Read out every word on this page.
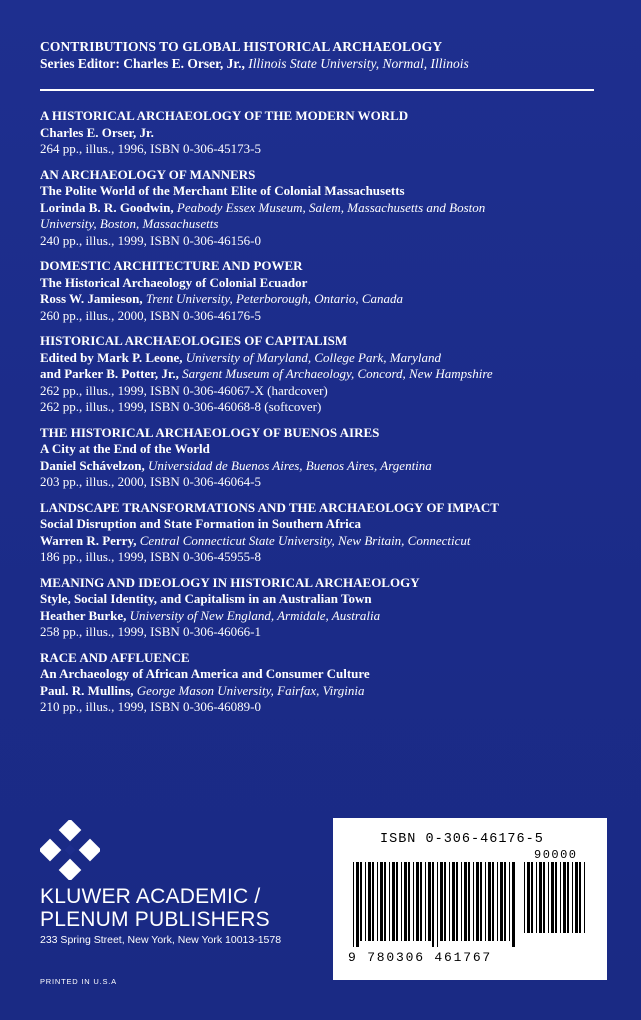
CONTRIBUTIONS TO GLOBAL HISTORICAL ARCHAEOLOGY
Series Editor: Charles E. Orser, Jr., Illinois State University, Normal, Illinois
A HISTORICAL ARCHAEOLOGY OF THE MODERN WORLD
Charles E. Orser, Jr.
264 pp., illus., 1996, ISBN 0-306-45173-5
AN ARCHAEOLOGY OF MANNERS
The Polite World of the Merchant Elite of Colonial Massachusetts
Lorinda B. R. Goodwin, Peabody Essex Museum, Salem, Massachusetts and Boston
University, Boston, Massachusetts
240 pp., illus., 1999, ISBN 0-306-46156-0
DOMESTIC ARCHITECTURE AND POWER
The Historical Archaeology of Colonial Ecuador
Ross W. Jamieson, Trent University, Peterborough, Ontario, Canada
260 pp., illus., 2000, ISBN 0-306-46176-5
HISTORICAL ARCHAEOLOGIES OF CAPITALISM
Edited by Mark P. Leone, University of Maryland, College Park, Maryland
and Parker B. Potter, Jr., Sargent Museum of Archaeology, Concord, New Hampshire
262 pp., illus., 1999, ISBN 0-306-46067-X (hardcover)
262 pp., illus., 1999, ISBN 0-306-46068-8 (softcover)
THE HISTORICAL ARCHAEOLOGY OF BUENOS AIRES
A City at the End of the World
Daniel Schávelzon, Universidad de Buenos Aires, Buenos Aires, Argentina
203 pp., illus., 2000, ISBN 0-306-46064-5
LANDSCAPE TRANSFORMATIONS AND THE ARCHAEOLOGY OF IMPACT
Social Disruption and State Formation in Southern Africa
Warren R. Perry, Central Connecticut State University, New Britain, Connecticut
186 pp., illus., 1999, ISBN 0-306-45955-8
MEANING AND IDEOLOGY IN HISTORICAL ARCHAEOLOGY
Style, Social Identity, and Capitalism in an Australian Town
Heather Burke, University of New England, Armidale, Australia
258 pp., illus., 1999, ISBN 0-306-46066-1
RACE AND AFFLUENCE
An Archaeology of African America and Consumer Culture
Paul. R. Mullins, George Mason University, Fairfax, Virginia
210 pp., illus., 1999, ISBN 0-306-46089-0
KLUWER ACADEMIC /
PLENUM PUBLISHERS
233 Spring Street, New York, New York 10013-1578
PRINTED IN U.S.A
ISBN 0-306-46176-5
90000
9 780306 461767
